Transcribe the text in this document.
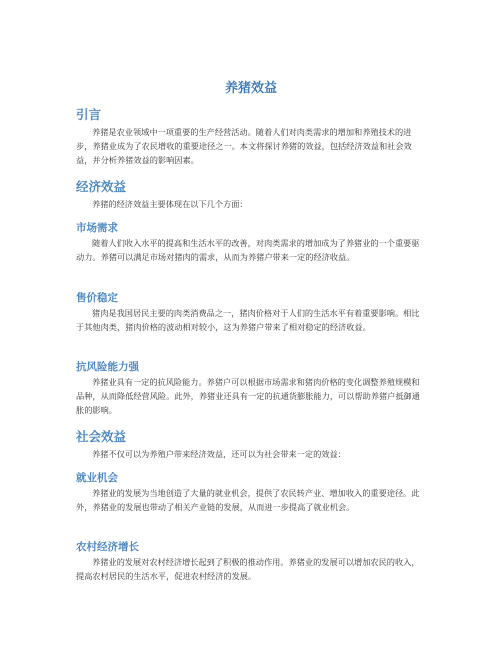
养猪效益
引言

养猪是农业领域中一项重要的生产经营活动。随着人们对肉类需求的增加和养殖技术的进步，养猪业成为了农民增收的重要途径之一。本文将探讨养猪的效益，包括经济效益和社会效益，并分析养猪效益的影响因素。

经济效益

养猪的经济效益主要体现在以下几个方面：

市场需求

随着人们收入水平的提高和生活水平的改善，对肉类需求的增加成为了养猪业的一个重要驱动力。养猪可以满足市场对猪肉的需求，从而为养猪户带来一定的经济收益。

售价稳定

猪肉是我国居民主要的肉类消费品之一，猪肉价格对于人们的生活水平有着重要影响。相比于其他肉类，猪肉价格的波动相对较小，这为养猪户带来了相对稳定的经济收益。

抗风险能力强

养猪业具有一定的抗风险能力。养猪户可以根据市场需求和猪肉价格的变化调整养殖规模和品种，从而降低经营风险。此外，养猪业还具有一定的抗通货膨胀能力，可以帮助养猪户抵御通胀的影响。

社会效益

养猪不仅可以为养殖户带来经济效益，还可以为社会带来一定的效益：

就业机会

养猪业的发展为当地创造了大量的就业机会，提供了农民转产业、增加收入的重要途径。此外，养猪业的发展也带动了相关产业链的发展，从而进一步提高了就业机会。

农村经济增长

养猪业的发展对农村经济增长起到了积极的推动作用。养猪业的发展可以增加农民的收入，提高农村居民的生活水平，促进农村经济的发展。
